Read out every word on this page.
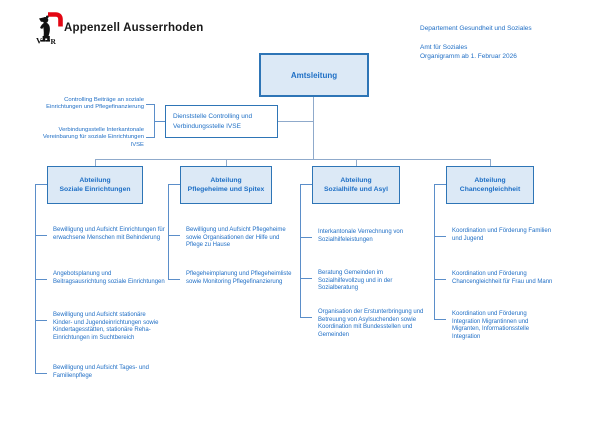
V R
Appenzell Ausserrhoden	Departement Gesundheit und Soziales
Amt für Soziales
Organigramm ab 1. Februar 2026
Amtsleitung
Dienststelle Controlling und Verbindungsstelle IVSE
Controlling Beiträge an soziale Einrichtungen und Pflegefinanzierung
Verbindungsstelle Interkantonale Vereinbarung für soziale Einrichtungen IVSE
Abteilung
Soziale Einrichtungen
Abteilung
Pflegeheime und Spitex
Abteilung
Sozialhilfe und Asyl
Abteilung
Chancengleichheit
Bewilligung und Aufsicht Einrichtungen für erwachsene Menschen mit Behinderung
Angebotsplanung und Beitragsausrichtung soziale Einrichtungen
Bewilligung und Aufsicht stationäre Kinder- und Jugendeinrichtungen sowie Kindertagesstätten, stationäre Reha-Einrichtungen im Suchtbereich
Bewilligung und Aufsicht Tages- und Familienpflege
Bewilligung und Aufsicht Pflegeheime sowie Organisationen der Hilfe und Pflege zu Hause
Pflegeheimplanung und Pflegeheimliste sowie Monitoring Pflegefinanzierung
Interkantonale Verrechnung von Sozialhilfeleistungen
Beratung Gemeinden im Sozialhilfevollzug und in der Sozialberatung
Organisation der Erstunterbringung und Betreuung von Asylsuchenden sowie Koordination mit Bundesstellen und Gemeinden
Koordination und Förderung Familien und Jugend
Koordination und Förderung Chancengleichheit für Frau und Mann
Koordination und Förderung Integration Migrantinnen und Migranten, Informationsstelle Integration
